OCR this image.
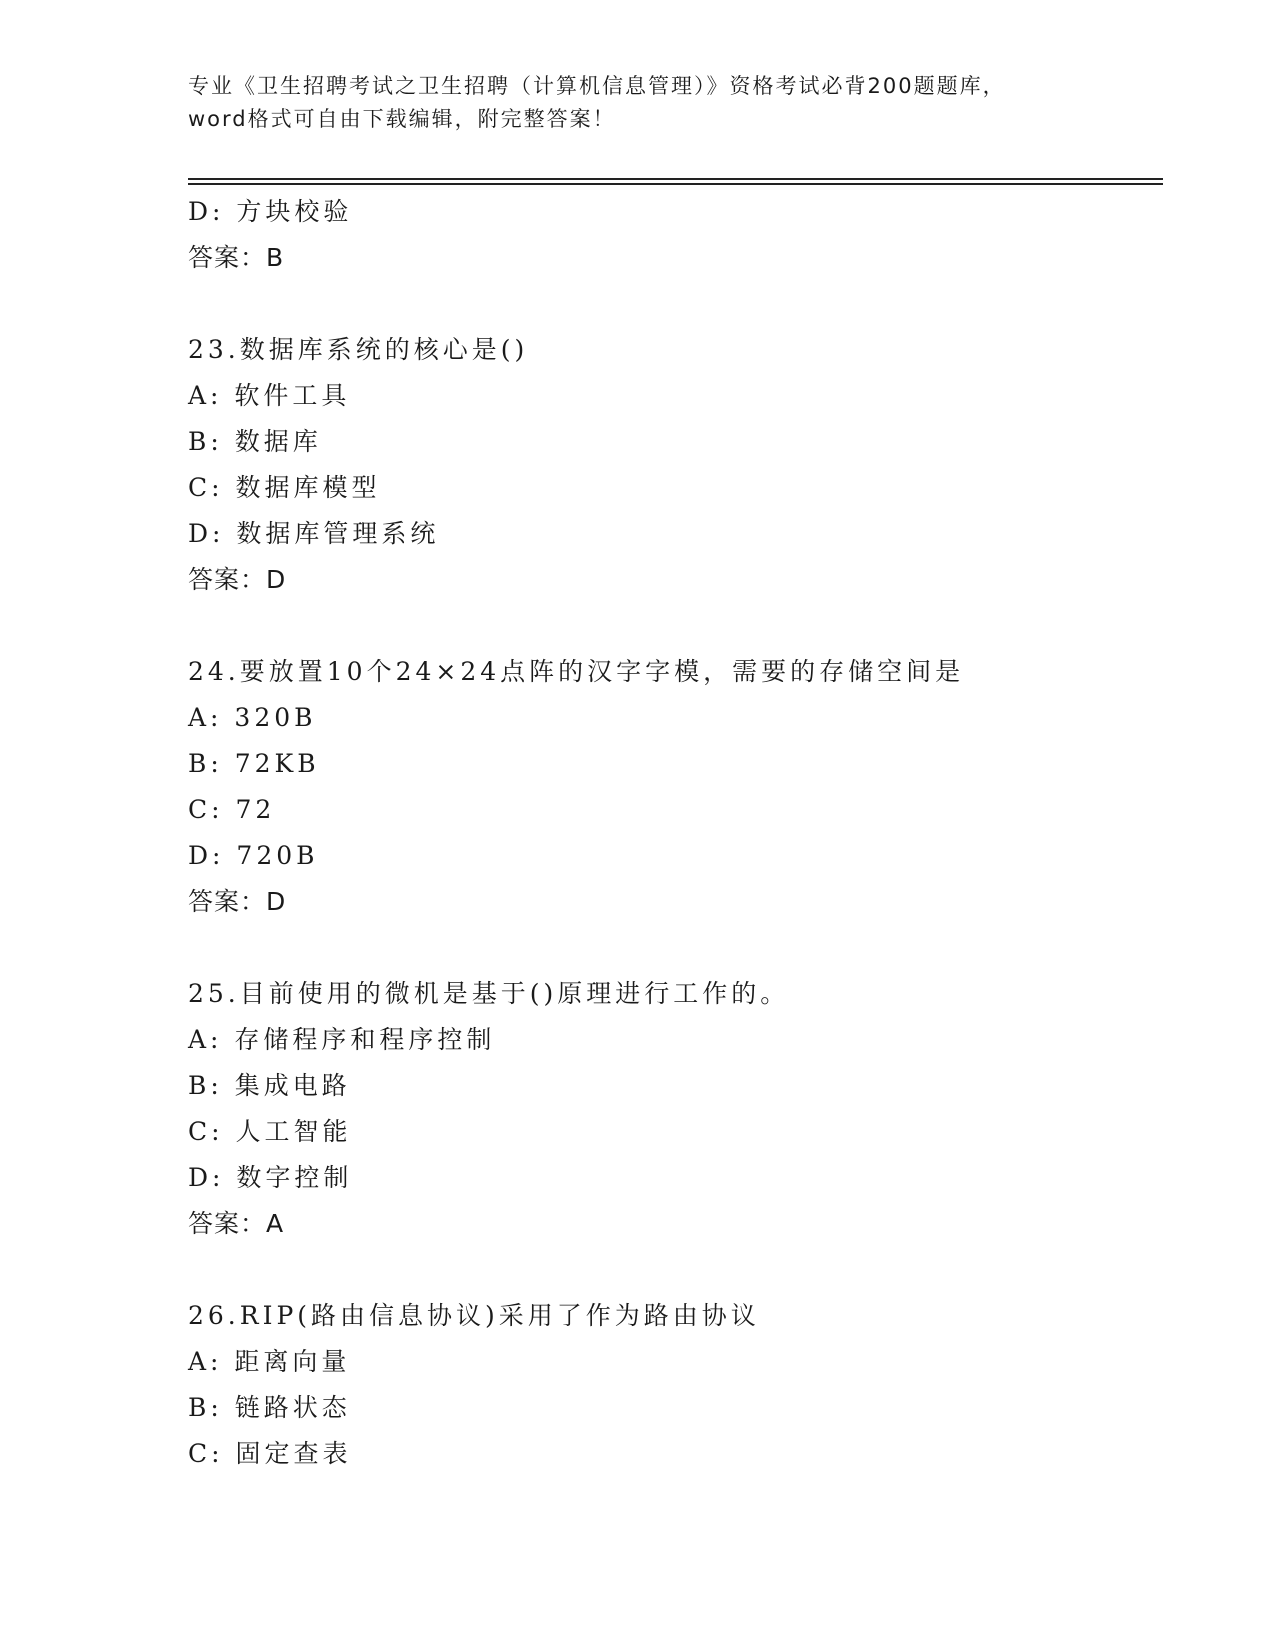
专业《卫生招聘考试之卫生招聘（计算机信息管理）》资格考试必背200题题库，
word格式可自由下载编辑，附完整答案！
D: 方块校验
答案：B
23.数据库系统的核心是()
A: 软件工具
B: 数据库
C: 数据库模型
D: 数据库管理系统
答案：D
24.要放置10个24×24点阵的汉字字模，需要的存储空间是
A: 320B
B: 72KB
C: 72
D: 720B
答案：D
25.目前使用的微机是基于()原理进行工作的。
A: 存储程序和程序控制
B: 集成电路
C: 人工智能
D: 数字控制
答案：A
26.RIP(路由信息协议)采用了作为路由协议
A: 距离向量
B: 链路状态
C: 固定查表
